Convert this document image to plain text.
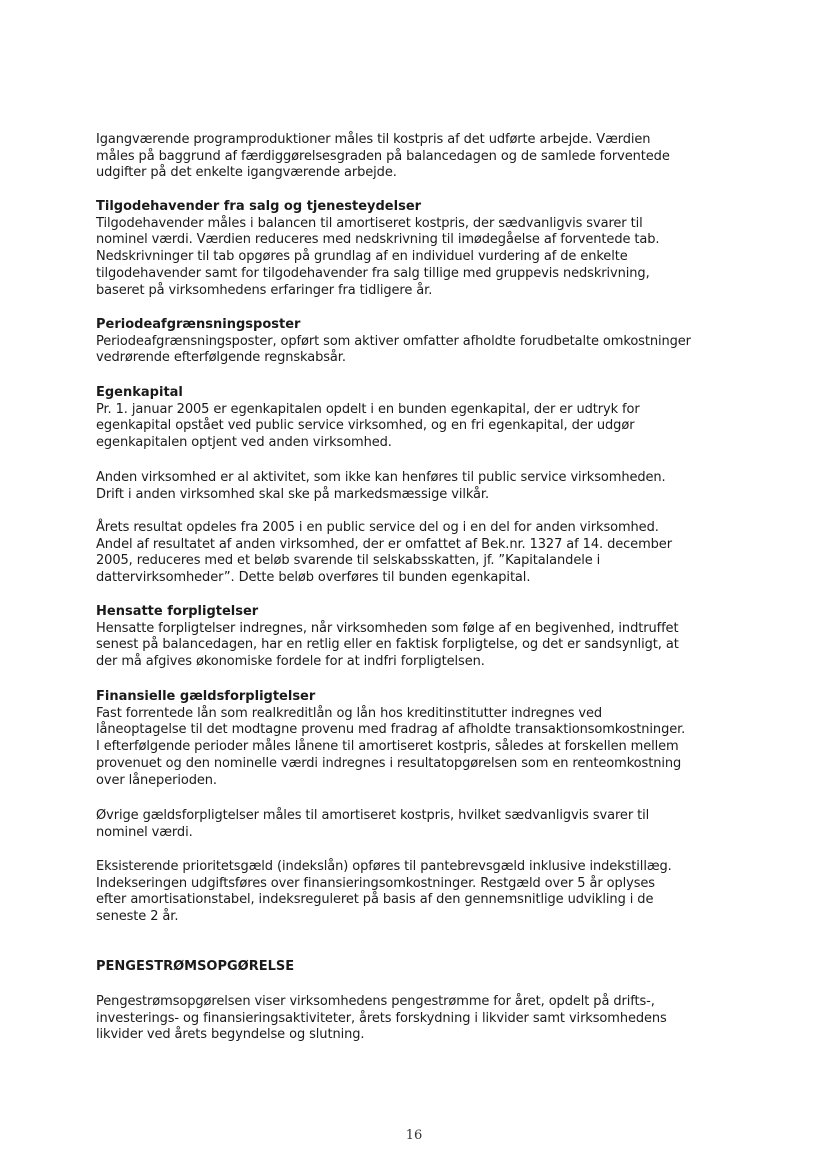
Igangværende programproduktioner måles til kostpris af det udførte arbejde. Værdien
måles på baggrund af færdiggørelsesgraden på balancedagen og de samlede forventede
udgifter på det enkelte igangværende arbejde.
Tilgodehavender fra salg og tjenesteydelser
Tilgodehavender måles i balancen til amortiseret kostpris, der sædvanligvis svarer til
nominel værdi. Værdien reduceres med nedskrivning til imødegåelse af forventede tab.
Nedskrivninger til tab opgøres på grundlag af en individuel vurdering af de enkelte
tilgodehavender samt for tilgodehavender fra salg tillige med gruppevis nedskrivning,
baseret på virksomhedens erfaringer fra tidligere år.
Periodeafgrænsningsposter
Periodeafgrænsningsposter, opført som aktiver omfatter afholdte forudbetalte omkostninger
vedrørende efterfølgende regnskabsår.
Egenkapital
Pr. 1. januar 2005 er egenkapitalen opdelt i en bunden egenkapital, der er udtryk for
egenkapital opstået ved public service virksomhed, og en fri egenkapital, der udgør
egenkapitalen optjent ved anden virksomhed.
Anden virksomhed er al aktivitet, som ikke kan henføres til public service virksomheden.
Drift i anden virksomhed skal ske på markedsmæssige vilkår.
Årets resultat opdeles fra 2005 i en public service del og i en del for anden virksomhed.
Andel af resultatet af anden virksomhed, der er omfattet af Bek.nr. 1327 af 14. december
2005, reduceres med et beløb svarende til selskabsskatten, jf. ”Kapitalandele i
dattervirksomheder”. Dette beløb overføres til bunden egenkapital.
Hensatte forpligtelser
Hensatte forpligtelser indregnes, når virksomheden som følge af en begivenhed, indtruffet
senest på balancedagen, har en retlig eller en faktisk forpligtelse, og det er sandsynligt, at
der må afgives økonomiske fordele for at indfri forpligtelsen.
Finansielle gældsforpligtelser
Fast forrentede lån som realkreditlån og lån hos kreditinstitutter indregnes ved
låneoptagelse til det modtagne provenu med fradrag af afholdte transaktionsomkostninger.
I efterfølgende perioder måles lånene til amortiseret kostpris, således at forskellen mellem
provenuet og den nominelle værdi indregnes i resultatopgørelsen som en renteomkostning
over låneperioden.
Øvrige gældsforpligtelser måles til amortiseret kostpris, hvilket sædvanligvis svarer til
nominel værdi.
Eksisterende prioritetsgæld (indekslån) opføres til pantebrevsgæld inklusive indekstillæg.
Indekseringen udgiftsføres over finansieringsomkostninger. Restgæld over 5 år oplyses
efter amortisationstabel, indeksreguleret på basis af den gennemsnitlige udvikling i de
seneste 2 år.
PENGESTRØMSOPGØRELSE
Pengestrømsopgørelsen viser virksomhedens pengestrømme for året, opdelt på drifts-,
investerings- og finansieringsaktiviteter, årets forskydning i likvider samt virksomhedens
likvider ved årets begyndelse og slutning.
16
